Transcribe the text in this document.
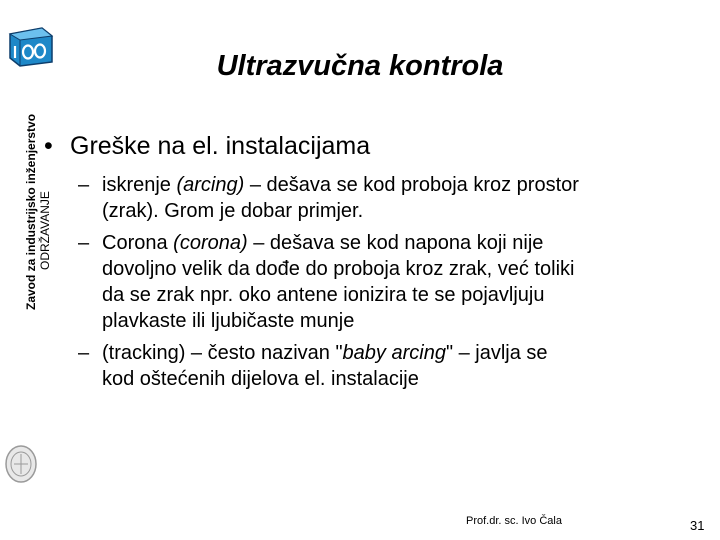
Zavod za industrijsko inženjerstvo ODRŽAVANJE
Ultrazvučna kontrola
• Greške na el. instalacijama
– iskrenje (arcing) – dešava se kod proboja kroz prostor
(zrak). Grom je dobar primjer.
– Corona (corona) – dešava se kod napona koji nije
dovoljno velik da dođe do proboja kroz zrak, već toliki
da se zrak npr. oko antene ionizira te se pojavljuju
plavkaste ili ljubičaste munje
– (tracking) – često nazivan "baby arcing" – javlja se
kod oštećenih dijelova el. instalacije
Prof.dr. sc. Ivo Čala	31
